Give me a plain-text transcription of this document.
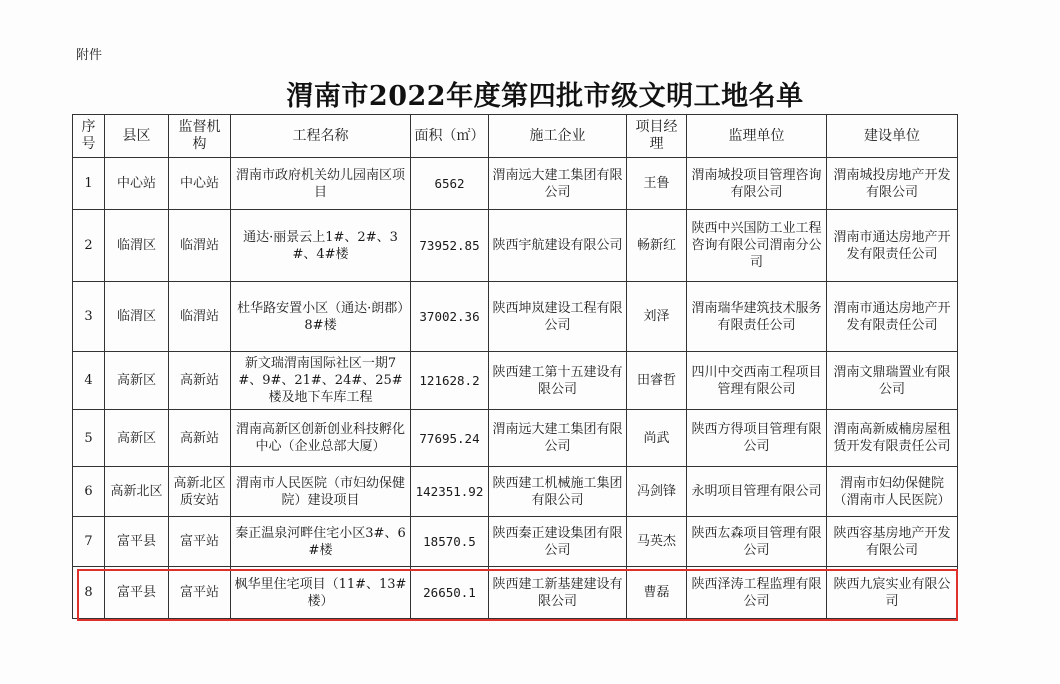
附件
渭南市2022年度第四批市级文明工地名单
序号	县区	监督机构	工程名称	面积（㎡）	施工企业	项目经理	监理单位	建设单位
1	中心站	中心站	渭南市政府机关幼儿园南区项目	6562	渭南远大建工集团有限公司	王鲁	渭南城投项目管理咨询有限公司	渭南城投房地产开发有限公司
2	临渭区	临渭站	通达·丽景云上1#、2#、3#、4#楼	73952.85	陕西宇航建设有限公司	畅新红	陕西中兴国防工业工程咨询有限公司渭南分公司	渭南市通达房地产开发有限责任公司
3	临渭区	临渭站	杜华路安置小区（通达·朗郡）8#楼	37002.36	陕西坤岚建设工程有限公司	刘泽	渭南瑞华建筑技术服务有限责任公司	渭南市通达房地产开发有限责任公司
4	高新区	高新站	新文瑞渭南国际社区一期7#、9#、21#、24#、25#楼及地下车库工程	121628.2	陕西建工第十五建设有限公司	田睿哲	四川中交西南工程项目管理有限公司	渭南文鼎瑞置业有限公司
5	高新区	高新站	渭南高新区创新创业科技孵化中心（企业总部大厦）	77695.24	渭南远大建工集团有限公司	尚武	陕西方得项目管理有限公司	渭南高新威楠房屋租赁开发有限责任公司
6	高新北区	高新北区质安站	渭南市人民医院（市妇幼保健院）建设项目	142351.92	陕西建工机械施工集团有限公司	冯剑锋	永明项目管理有限公司	渭南市妇幼保健院（渭南市人民医院）
7	富平县	富平站	秦正温泉河畔住宅小区3#、6#楼	18570.5	陕西秦正建设集团有限公司	马英杰	陕西厷森项目管理有限公司	陕西容基房地产开发有限公司
8	富平县	富平站	枫华里住宅项目（11#、13#楼）	26650.1	陕西建工新基建建设有限公司	曹磊	陕西泽涛工程监理有限公司	陕西九宸实业有限公司
